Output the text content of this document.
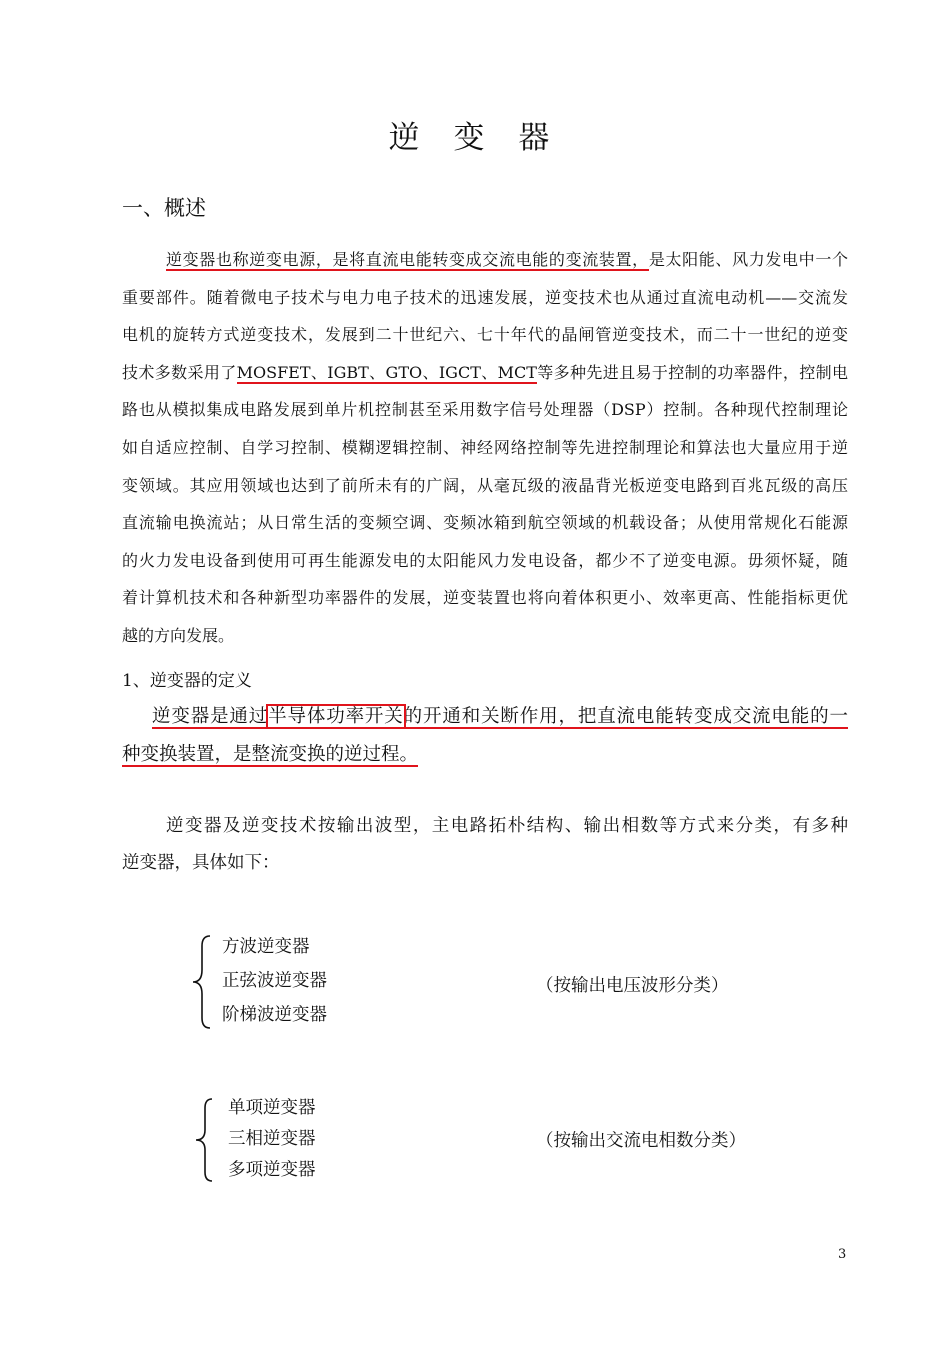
逆 变 器
一、概述
逆变器也称逆变电源，是将直流电能转变成交流电能的变流装置，是太阳能、风力发电中一个
重要部件。随着微电子技术与电力电子技术的迅速发展，逆变技术也从通过直流电动机——交流发
电机的旋转方式逆变技术，发展到二十世纪六、七十年代的晶闸管逆变技术，而二十一世纪的逆变
技术多数采用了MOSFET、IGBT、GTO、IGCT、MCT等多种先进且易于控制的功率器件，控制电
路也从模拟集成电路发展到单片机控制甚至采用数字信号处理器（DSP）控制。各种现代控制理论
如自适应控制、自学习控制、模糊逻辑控制、神经网络控制等先进控制理论和算法也大量应用于逆
变领域。其应用领域也达到了前所未有的广阔，从毫瓦级的液晶背光板逆变电路到百兆瓦级的高压
直流输电换流站；从日常生活的变频空调、变频冰箱到航空领域的机载设备；从使用常规化石能源
的火力发电设备到使用可再生能源发电的太阳能风力发电设备，都少不了逆变电源。毋须怀疑，随
着计算机技术和各种新型功率器件的发展，逆变装置也将向着体积更小、效率更高、性能指标更优
越的方向发展。
1、逆变器的定义
逆变器是通过半导体功率开关的开通和关断作用，把直流电能转变成交流电能的一
种变换装置，是整流变换的逆过程。
逆变器及逆变技术按输出波型，主电路拓朴结构、输出相数等方式来分类，有多种
逆变器，具体如下：
方波逆变器
正弦波逆变器
阶梯波逆变器
（按输出电压波形分类）
单项逆变器
三相逆变器
多项逆变器
（按输出交流电相数分类）
3
